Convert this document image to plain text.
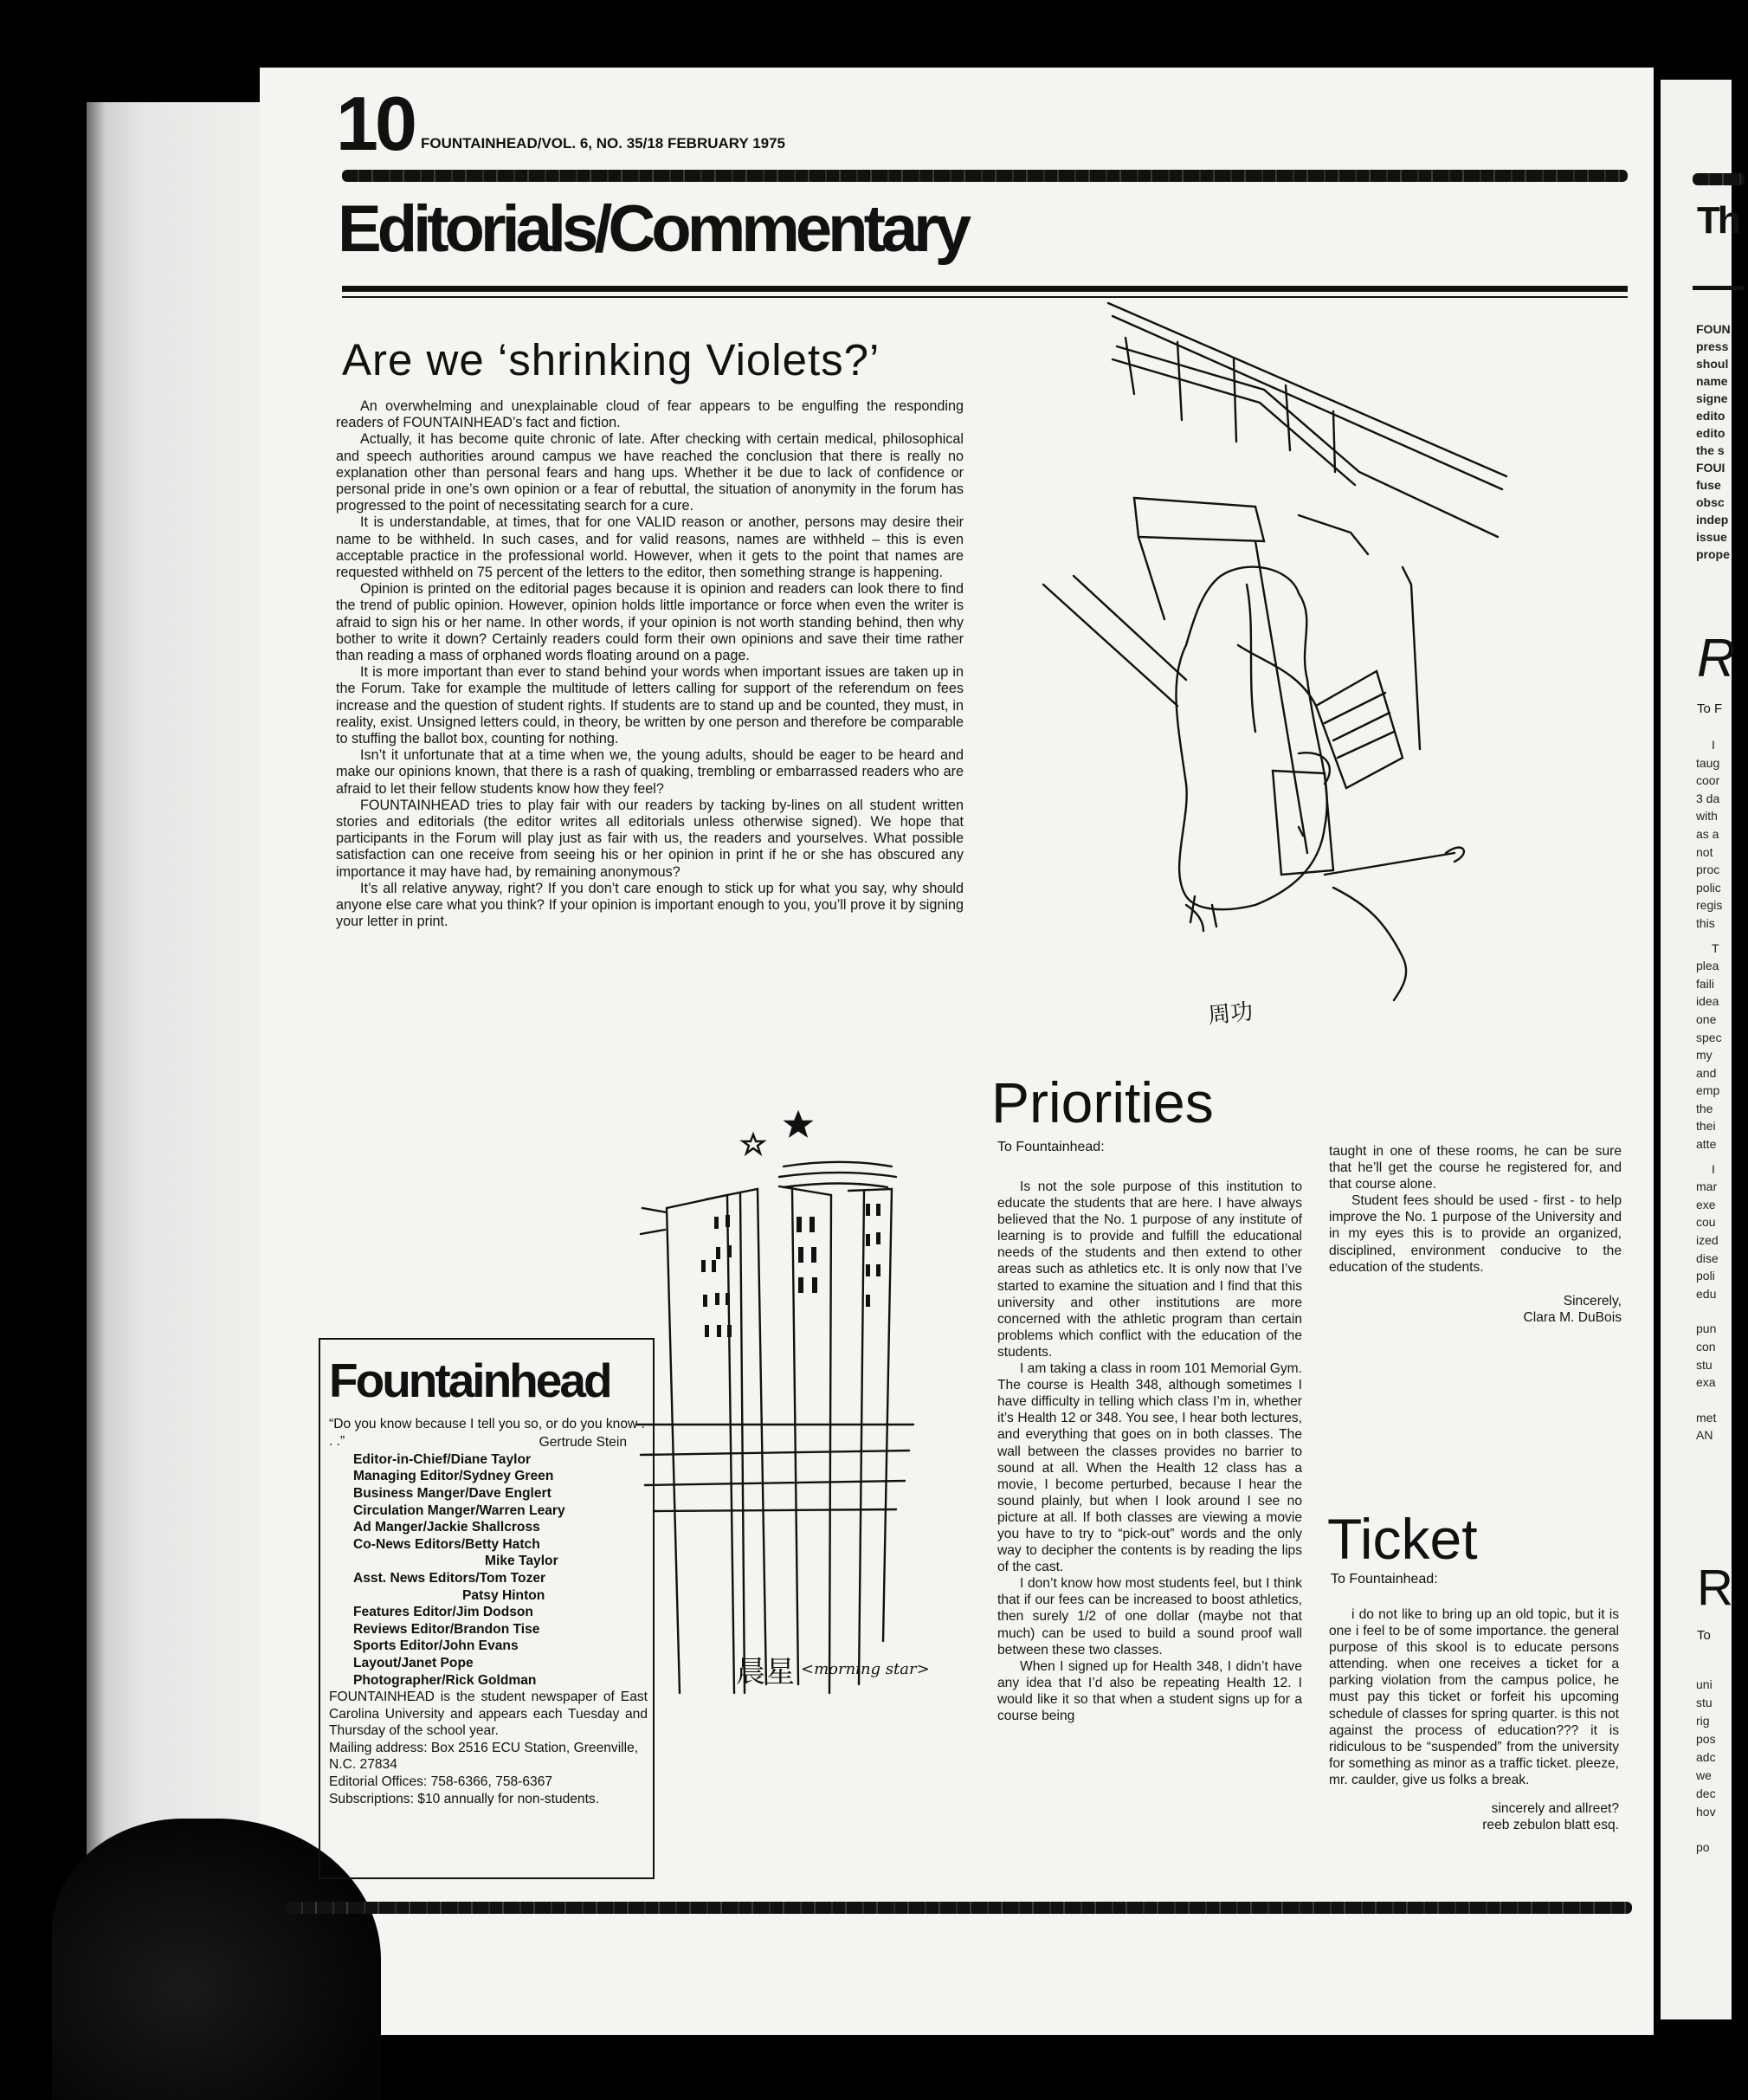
10 FOUNTAINHEAD/VOL. 6, NO. 35/18 FEBRUARY 1975
Editorials/Commentary
Are we ‘shrinking Violets?’

An overwhelming and unexplainable cloud of fear appears to be engulfing the responding readers of FOUNTAINHEAD’s fact and fiction.

Actually, it has become quite chronic of late. After checking with certain medical, philosophical and speech authorities around campus we have reached the conclusion that there is really no explanation other than personal fears and hang ups. Whether it be due to lack of confidence or personal pride in one’s own opinion or a fear of rebuttal, the situation of anonymity in the forum has progressed to the point of necessitating search for a cure.

It is understandable, at times, that for one VALID reason or another, persons may desire their name to be withheld. In such cases, and for valid reasons, names are withheld – this is even acceptable practice in the professional world. However, when it gets to the point that names are requested withheld on 75 percent of the letters to the editor, then something strange is happening.

Opinion is printed on the editorial pages because it is opinion and readers can look there to find the trend of public opinion. However, opinion holds little importance or force when even the writer is afraid to sign his or her name. In other words, if your opinion is not worth standing behind, then why bother to write it down? Certainly readers could form their own opinions and save their time rather than reading a mass of orphaned words floating around on a page.

It is more important than ever to stand behind your words when important issues are taken up in the Forum. Take for example the multitude of letters calling for support of the referendum on fees increase and the question of student rights. If students are to stand up and be counted, they must, in reality, exist. Unsigned letters could, in theory, be written by one person and therefore be comparable to stuffing the ballot box, counting for nothing.

Isn’t it unfortunate that at a time when we, the young adults, should be eager to be heard and make our opinions known, that there is a rash of quaking, trembling or embarrassed readers who are afraid to let their fellow students know how they feel?

FOUNTAINHEAD tries to play fair with our readers by tacking by-lines on all student written stories and editorials (the editor writes all editorials unless otherwise signed). We hope that participants in the Forum will play just as fair with us, the readers and yourselves. What possible satisfaction can one receive from seeing his or her opinion in print if he or she has obscured any importance it may have had, by remaining anonymous?

It’s all relative anyway, right? If you don’t care enough to stick up for what you say, why should anyone else care what you think? If your opinion is important enough to you, you’ll prove it by signing your letter in print.

周功
晨星 <morning star>
Fountainhead
“Do you know because I tell you so, or do you know . . .”	Gertrude Stein
Editor-in-Chief/Diane Taylor
Managing Editor/Sydney Green
Business Manger/Dave Englert
Circulation Manger/Warren Leary
Ad Manger/Jackie Shallcross
Co-News Editors/Betty Hatch
Mike Taylor
Asst. News Editors/Tom Tozer
Patsy Hinton
Features Editor/Jim Dodson
Reviews Editor/Brandon Tise
Sports Editor/John Evans
Layout/Janet Pope
Photographer/Rick Goldman
FOUNTAINHEAD is the student newspaper of East Carolina University and appears each Tuesday and Thursday of the school year.
Mailing address: Box 2516 ECU Station, Greenville, N.C. 27834
Editorial Offices: 758-6366, 758-6367
Subscriptions: $10 annually for non-students.
Priorities
To Fountainhead:

Is not the sole purpose of this institution to educate the students that are here. I have always believed that the No. 1 purpose of any institute of learning is to provide and fulfill the educational needs of the students and then extend to other areas such as athletics etc. It is only now that I’ve started to examine the situation and I find that this university and other institutions are more concerned with the athletic program than certain problems which conflict with the education of the students.

I am taking a class in room 101 Memorial Gym. The course is Health 348, although sometimes I have difficulty in telling which class I’m in, whether it’s Health 12 or 348. You see, I hear both lectures, and everything that goes on in both classes. The wall between the classes provides no barrier to sound at all. When the Health 12 class has a movie, I become perturbed, because I hear the sound plainly, but when I look around I see no picture at all. If both classes are viewing a movie you have to try to “pick-out” words and the only way to decipher the contents is by reading the lips of the cast.

I don’t know how most students feel, but I think that if our fees can be increased to boost athletics, then surely 1/2 of one dollar (maybe not that much) can be used to build a sound proof wall between these two classes.

When I signed up for Health 348, I didn’t have any idea that I’d also be repeating Health 12. I would like it so that when a student signs up for a course being

taught in one of these rooms, he can be sure that he’ll get the course he registered for, and that course alone.

Student fees should be used - first - to help improve the No. 1 purpose of the University and in my eyes this is to provide an organized, disciplined, environment conducive to the education of the students.

Sincerely,
Clara M. DuBois
Ticket
To Fountainhead:

i do not like to bring up an old topic, but it is one i feel to be of some importance. the general purpose of this skool is to educate persons attending. when one receives a ticket for a parking violation from the campus police, he must pay this ticket or forfeit his upcoming schedule of classes for spring quarter. is this not against the process of education??? it is ridiculous to be “suspended” from the university for something as minor as a traffic ticket. pleeze, mr. caulder, give us folks a break.

sincerely and allreet?
reeb zebulon blatt esq.
Th
FOUN
press
shoul
name
signe
edito
edito
the s
FOUI
fuse
obsc
indep
issue
prope
R
To F
I
taug
coor
3 da
with
as a
not
proc
polic
regis
this
T
plea
faili
idea
one
spec
my
and
emp
the
thei
atte
I
mar
exe
cou
ized
dise
poli
edu
pun
con
stu
exa
met
AN
R
To
uni
stu
rig
pos
adc
we
dec
hov
po
